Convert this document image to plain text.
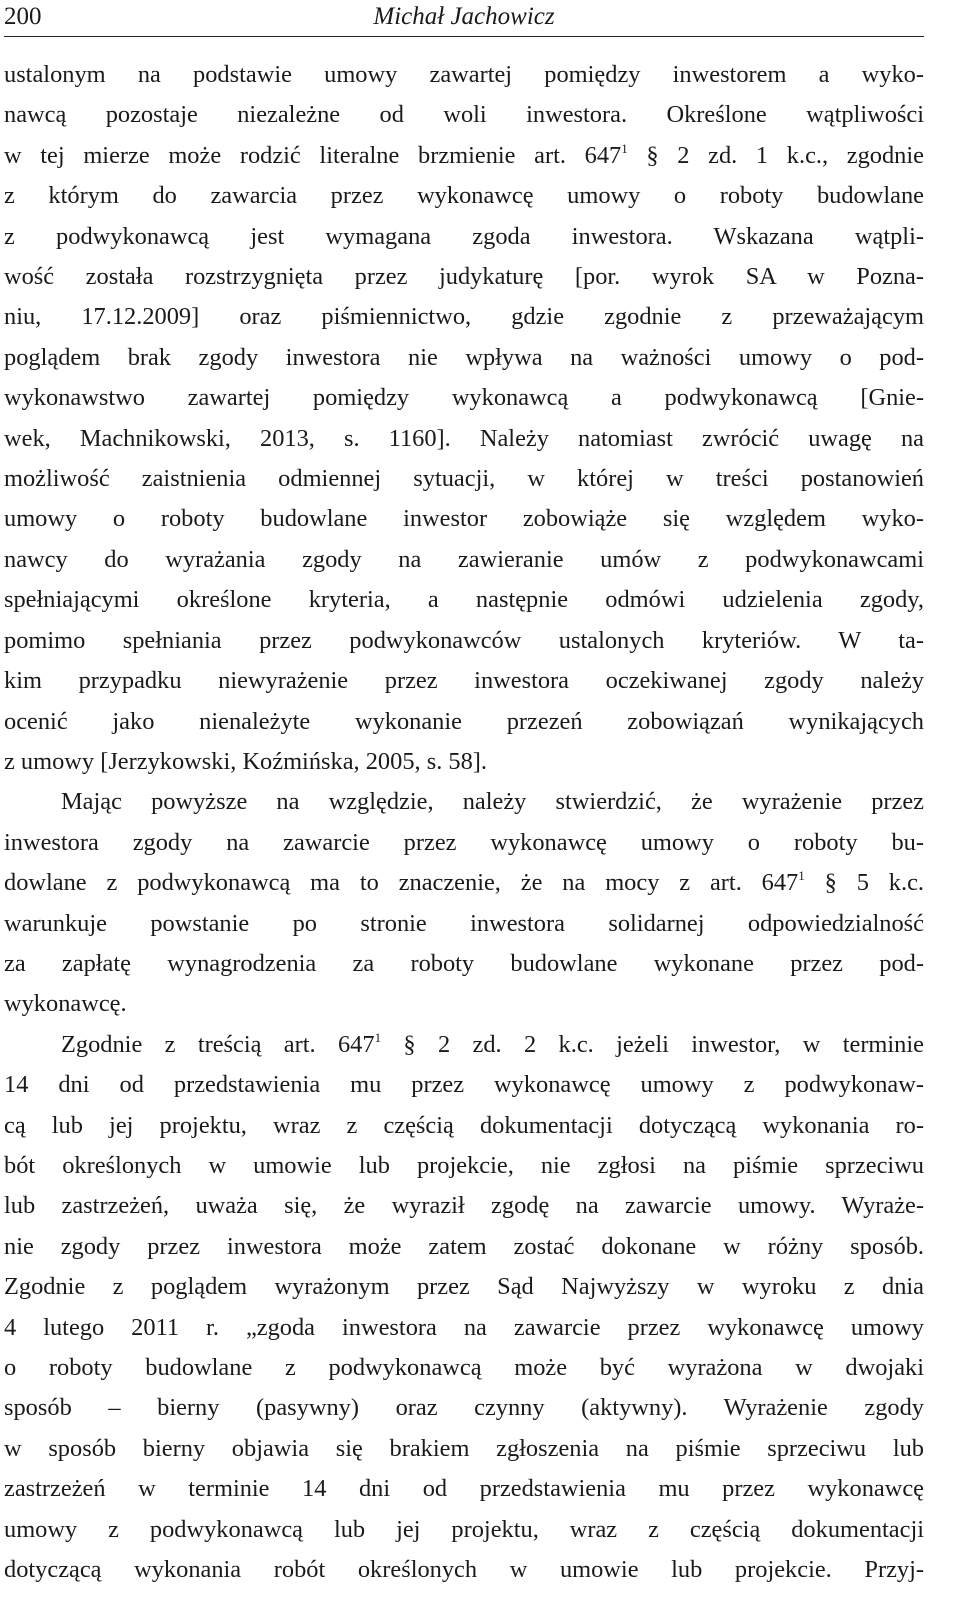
200	Michał Jachowicz
ustalonym na podstawie umowy zawartej pomiędzy inwestorem a wyko-
nawcą pozostaje niezależne od woli inwestora. Określone wątpliwości
w tej mierze może rodzić literalne brzmienie art. 647$^1$ § 2 zd. 1 k.c., zgodnie
z którym do zawarcia przez wykonawcę umowy o roboty budowlane
z podwykonawcą jest wymagana zgoda inwestora. Wskazana wątpli-
wość została rozstrzygnięta przez judykaturę [por. wyrok SA w Pozna-
niu, 17.12.2009] oraz piśmiennictwo, gdzie zgodnie z przeważającym
poglądem brak zgody inwestora nie wpływa na ważności umowy o pod-
wykonawstwo zawartej pomiędzy wykonawcą a podwykonawcą [Gnie-
wek, Machnikowski, 2013, s. 1160]. Należy natomiast zwrócić uwagę na
możliwość zaistnienia odmiennej sytuacji, w której w treści postanowień
umowy o roboty budowlane inwestor zobowiąże się względem wyko-
nawcy do wyrażania zgody na zawieranie umów z podwykonawcami
spełniającymi określone kryteria, a następnie odmówi udzielenia zgody,
pomimo spełniania przez podwykonawców ustalonych kryteriów. W ta-
kim przypadku niewyrażenie przez inwestora oczekiwanej zgody należy
ocenić jako nienależyte wykonanie przezeń zobowiązań wynikających
z umowy [Jerzykowski, Koźmińska, 2005, s. 58].
Mając powyższe na względzie, należy stwierdzić, że wyrażenie przez
inwestora zgody na zawarcie przez wykonawcę umowy o roboty bu-
dowlane z podwykonawcą ma to znaczenie, że na mocy z art. 647$^1$ § 5 k.c.
warunkuje powstanie po stronie inwestora solidarnej odpowiedzialność
za zapłatę wynagrodzenia za roboty budowlane wykonane przez pod-
wykonawcę.
Zgodnie z treścią art. 647$^1$ § 2 zd. 2 k.c. jeżeli inwestor, w terminie
14 dni od przedstawienia mu przez wykonawcę umowy z podwykonaw-
cą lub jej projektu, wraz z częścią dokumentacji dotyczącą wykonania ro-
bót określonych w umowie lub projekcie, nie zgłosi na piśmie sprzeciwu
lub zastrzeżeń, uważa się, że wyraził zgodę na zawarcie umowy. Wyraże-
nie zgody przez inwestora może zatem zostać dokonane w różny sposób.
Zgodnie z poglądem wyrażonym przez Sąd Najwyższy w wyroku z dnia
4 lutego 2011 r. „zgoda inwestora na zawarcie przez wykonawcę umowy
o roboty budowlane z podwykonawcą może być wyrażona w dwojaki
sposób – bierny (pasywny) oraz czynny (aktywny). Wyrażenie zgody
w sposób bierny objawia się brakiem zgłoszenia na piśmie sprzeciwu lub
zastrzeżeń w terminie 14 dni od przedstawienia mu przez wykonawcę
umowy z podwykonawcą lub jej projektu, wraz z częścią dokumentacji
dotyczącą wykonania robót określonych w umowie lub projekcie. Przyj-
